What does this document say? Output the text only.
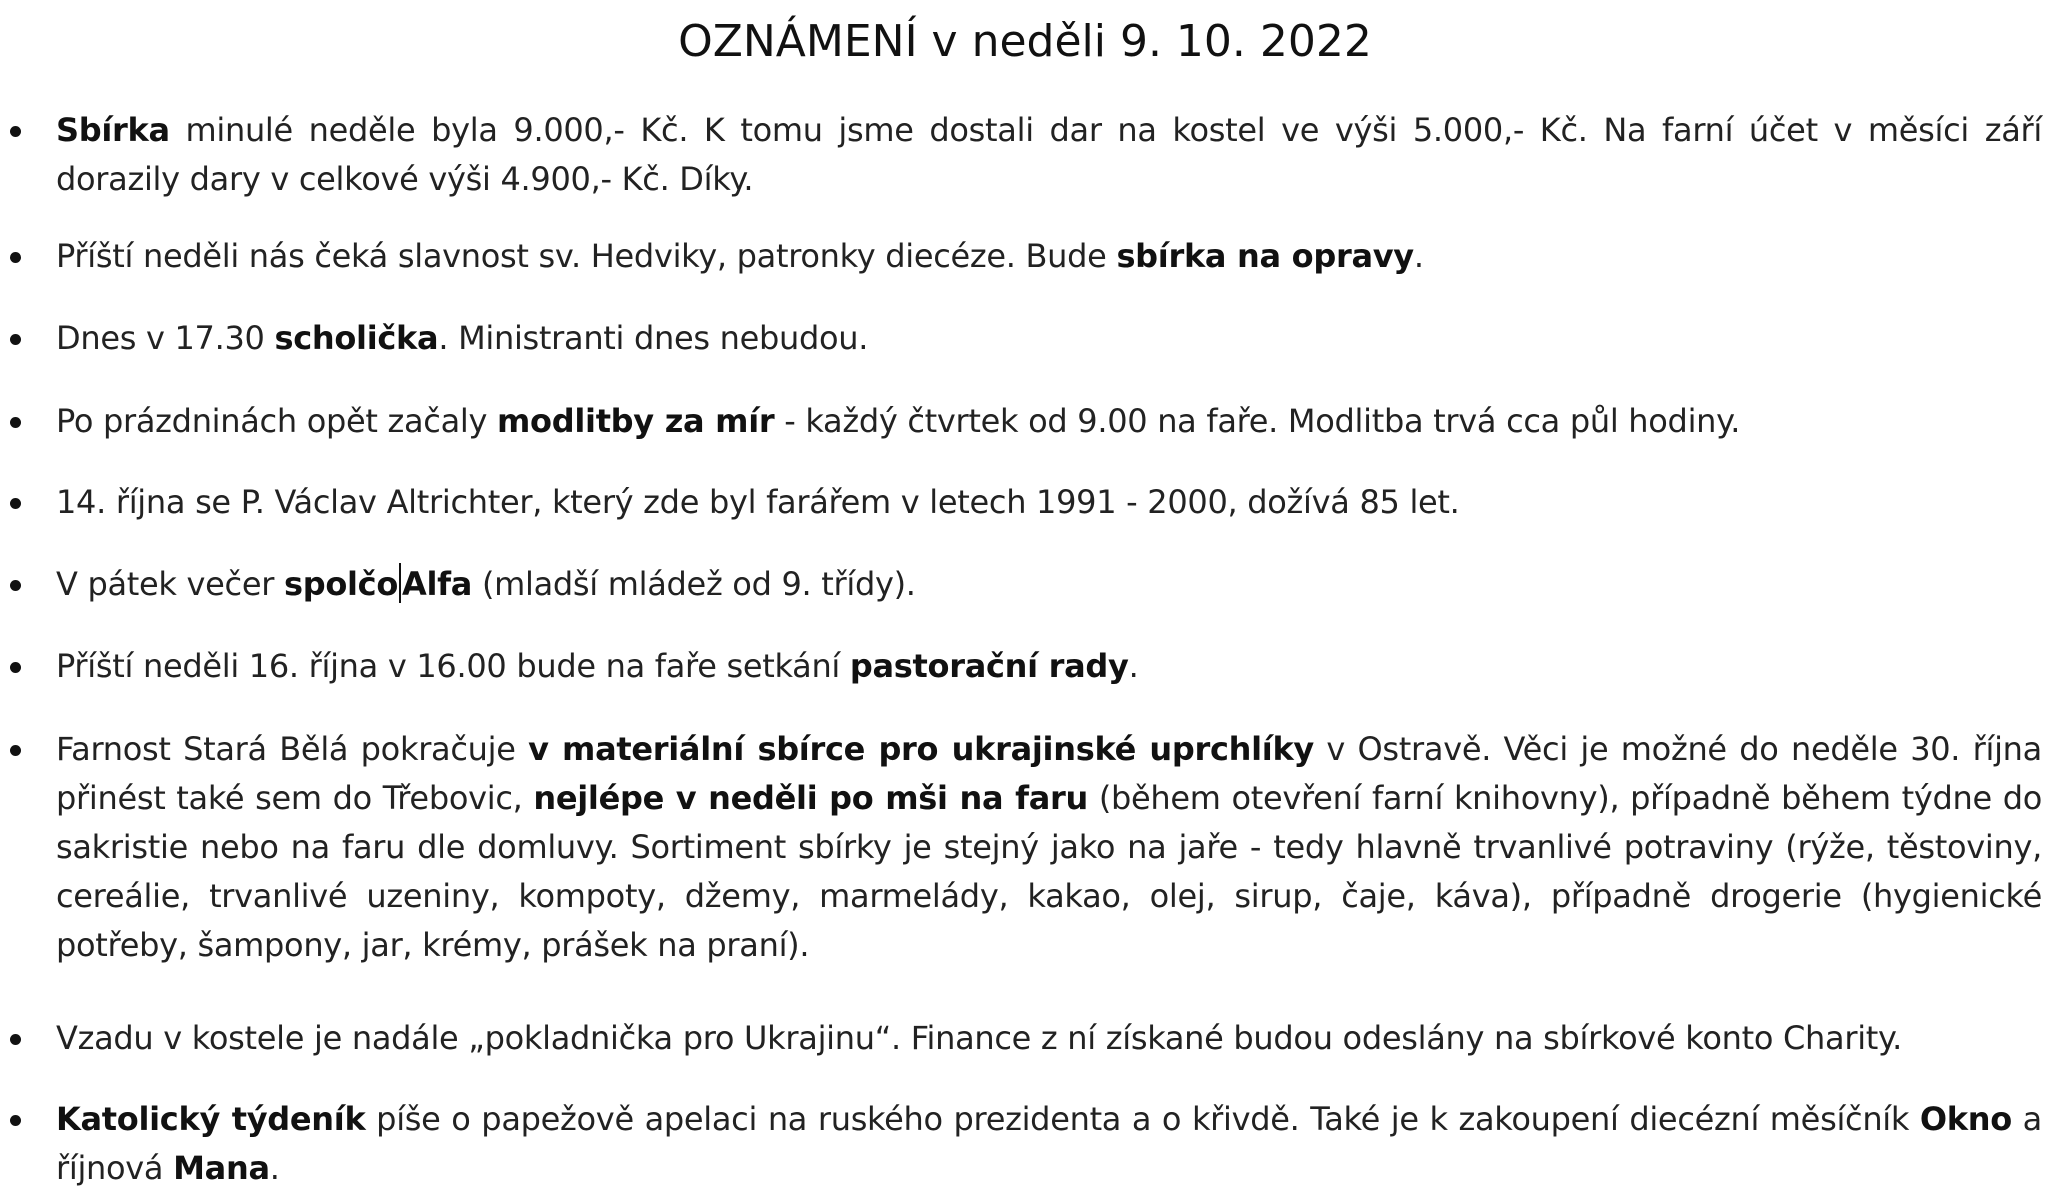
OZNÁMENÍ v neděli 9. 10. 2022
Sbírka minulé neděle byla 9.000,- Kč. K tomu jsme dostali dar na kostel ve výši 5.000,- Kč. Na farní účet v měsíci září dorazily dary v celkové výši 4.900,- Kč. Díky.
Příští neděli nás čeká slavnost sv. Hedviky, patronky diecéze. Bude sbírka na opravy.
Dnes v 17.30 scholička. Ministranti dnes nebudou.
Po prázdninách opět začaly modlitby za mír - každý čtvrtek od 9.00 na faře. Modlitba trvá cca půl hodiny.
14. října se P. Václav Altrichter, který zde byl farářem v letech 1991 - 2000, dožívá 85 let.
V pátek večer spolčo Alfa (mladší mládež od 9. třídy).
Příští neděli 16. října v 16.00 bude na faře setkání pastorační rady.
Farnost Stará Bělá pokračuje v materiální sbírce pro ukrajinské uprchlíky v Ostravě. Věci je možné do neděle 30. října přinést také sem do Třebovic, nejlépe v neděli po mši na faru (během otevření farní knihovny), případně během týdne do sakristie nebo na faru dle domluvy. Sortiment sbírky je stejný jako na jaře - tedy hlavně trvanlivé potraviny (rýže, těstoviny, cereálie, trvanlivé uzeniny, kompoty, džemy, marmelády, kakao, olej, sirup, čaje, káva), případně drogerie (hygienické potřeby, šampony, jar, krémy, prášek na praní).
Vzadu v kostele je nadále „pokladnička pro Ukrajinu“. Finance z ní získané budou odeslány na sbírkové konto Charity.
Katolický týdeník píše o papežově apelaci na ruského prezidenta a o křivdě. Také je k zakoupení diecézní měsíčník Okno a říjnová Mana.
